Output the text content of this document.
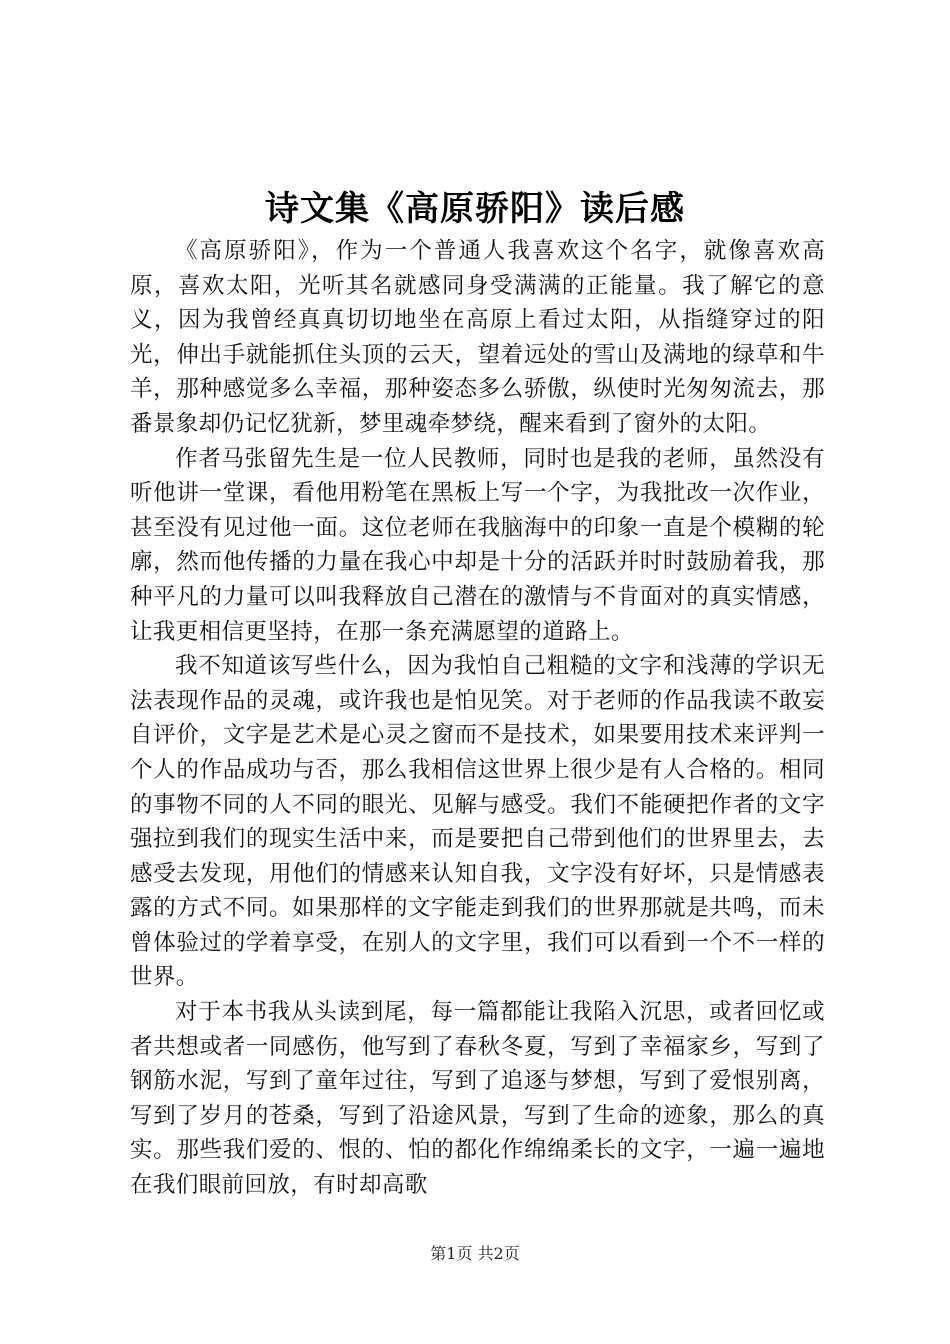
诗文集《高原骄阳》读后感

《高原骄阳》，作为一个普通人我喜欢这个名字，就像喜欢高原，喜欢太阳，光听其名就感同身受满满的正能量。我了解它的意义，因为我曾经真真切切地坐在高原上看过太阳，从指缝穿过的阳光，伸出手就能抓住头顶的云天，望着远处的雪山及满地的绿草和牛羊，那种感觉多么幸福，那种姿态多么骄傲，纵使时光匆匆流去，那番景象却仍记忆犹新，梦里魂牵梦绕，醒来看到了窗外的太阳。

作者马张留先生是一位人民教师，同时也是我的老师，虽然没有听他讲一堂课，看他用粉笔在黑板上写一个字，为我批改一次作业，甚至没有见过他一面。这位老师在我脑海中的印象一直是个模糊的轮廓，然而他传播的力量在我心中却是十分的活跃并时时鼓励着我，那种平凡的力量可以叫我释放自己潜在的激情与不肯面对的真实情感，让我更相信更坚持，在那一条充满愿望的道路上。

我不知道该写些什么，因为我怕自己粗糙的文字和浅薄的学识无法表现作品的灵魂，或许我也是怕见笑。对于老师的作品我读不敢妄自评价，文字是艺术是心灵之窗而不是技术，如果要用技术来评判一个人的作品成功与否，那么我相信这世界上很少是有人合格的。相同的事物不同的人不同的眼光、见解与感受。我们不能硬把作者的文字强拉到我们的现实生活中来，而是要把自己带到他们的世界里去，去感受去发现，用他们的情感来认知自我，文字没有好坏，只是情感表露的方式不同。如果那样的文字能走到我们的世界那就是共鸣，而未曾体验过的学着享受，在别人的文字里，我们可以看到一个不一样的世界。

对于本书我从头读到尾，每一篇都能让我陷入沉思，或者回忆或者共想或者一同感伤，他写到了春秋冬夏，写到了幸福家乡，写到了钢筋水泥，写到了童年过往，写到了追逐与梦想，写到了爱恨别离，写到了岁月的苍桑，写到了沿途风景，写到了生命的迹象，那么的真实。那些我们爱的、恨的、怕的都化作绵绵柔长的文字，一遍一遍地在我们眼前回放，有时却高歌

第1页 共2页
